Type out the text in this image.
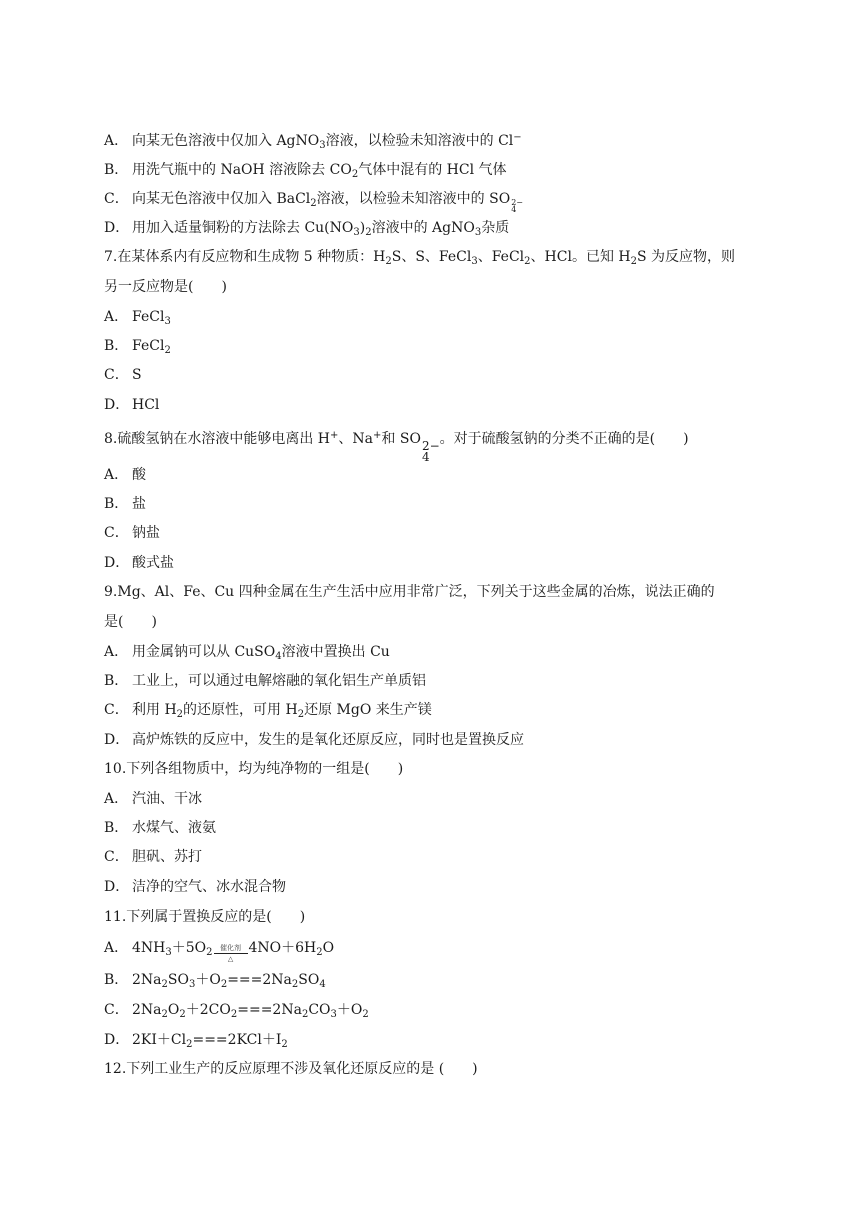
A． 向某无色溶液中仅加入 AgNO$_3$溶液，以检验未知溶液中的 Cl−
B． 用洗气瓶中的 NaOH 溶液除去 $CO_2$气体中混有的 HCl 气体
C． 向某无色溶液中仅加入 BaCl$_2$溶液，以检验未知溶液中的 SO 2−
4
D． 用加入适量铜粉的方法除去 $Cu(NO_3)_2$溶液中的 AgNO$_3$杂质
7.在某体系内有反应物和生成物 5 种物质：$H_2S$、S、FeCl$_3$、FeCl$_2$、HCl。已知 $H_2S$ 为反应物，则
另一反应物是(　　)
A． FeCl$_3$
B． FeCl$_2$
C． S
D． HCl
8.硫酸氢钠在水溶液中能够电离出 H+、Na+和 SO 2−
4
。对于硫酸氢钠的分类不正确的是(　　)
A． 酸
B． 盐
C． 钠盐
D． 酸式盐
9.Mg、Al、Fe、Cu 四种金属在生产生活中应用非常广泛，下列关于这些金属的冶炼，说法正确的
是(　　)
A． 用金属钠可以从 CuSO$_4$溶液中置换出 Cu
B． 工业上，可以通过电解熔融的氧化铝生产单质铝
C． 利用 $H_2$的还原性，可用 $H_2$还原 MgO 来生产镁
D． 高炉炼铁的反应中，发生的是氧化还原反应，同时也是置换反应
10.下列各组物质中，均为纯净物的一组是(　　)
A． 汽油、干冰
B． 水煤气、液氨
C． 胆矾、苏打
D． 洁净的空气、冰水混合物
11.下列属于置换反应的是(　　)
A． $4NH_3+5O_2$ 催化剂
△
$4NO+6H_2O$
B． $2Na_2SO_3+O_2===2Na_2SO_4$
C． $2Na_2O_2+2CO_2===2Na_2CO_3+O_2$
D． $2KI+Cl_2===2KCl+I_2$
12.下列工业生产的反应原理不涉及氧化还原反应的是 (　　)
